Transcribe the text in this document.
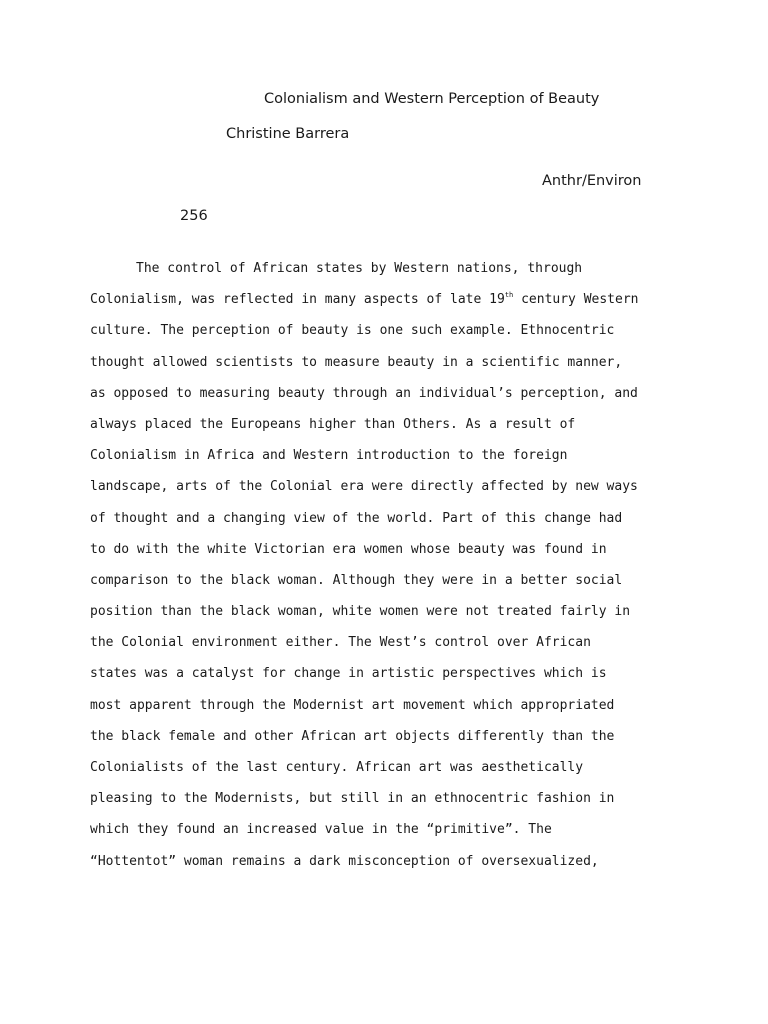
Colonialism and Western Perception of Beauty
Christine Barrera
Anthr/Environ
256
The control of African states by Western nations, through
Colonialism, was reflected in many aspects of late 19th century Western
culture. The perception of beauty is one such example. Ethnocentric
thought allowed scientists to measure beauty in a scientific manner,
as opposed to measuring beauty through an individual’s perception, and
always placed the Europeans higher than Others. As a result of
Colonialism in Africa and Western introduction to the foreign
landscape, arts of the Colonial era were directly affected by new ways
of thought and a changing view of the world. Part of this change had
to do with the white Victorian era women whose beauty was found in
comparison to the black woman. Although they were in a better social
position than the black woman, white women were not treated fairly in
the Colonial environment either. The West’s control over African
states was a catalyst for change in artistic perspectives which is
most apparent through the Modernist art movement which appropriated
the black female and other African art objects differently than the
Colonialists of the last century. African art was aesthetically
pleasing to the Modernists, but still in an ethnocentric fashion in
which they found an increased value in the “primitive”. The
“Hottentot” woman remains a dark misconception of oversexualized,
